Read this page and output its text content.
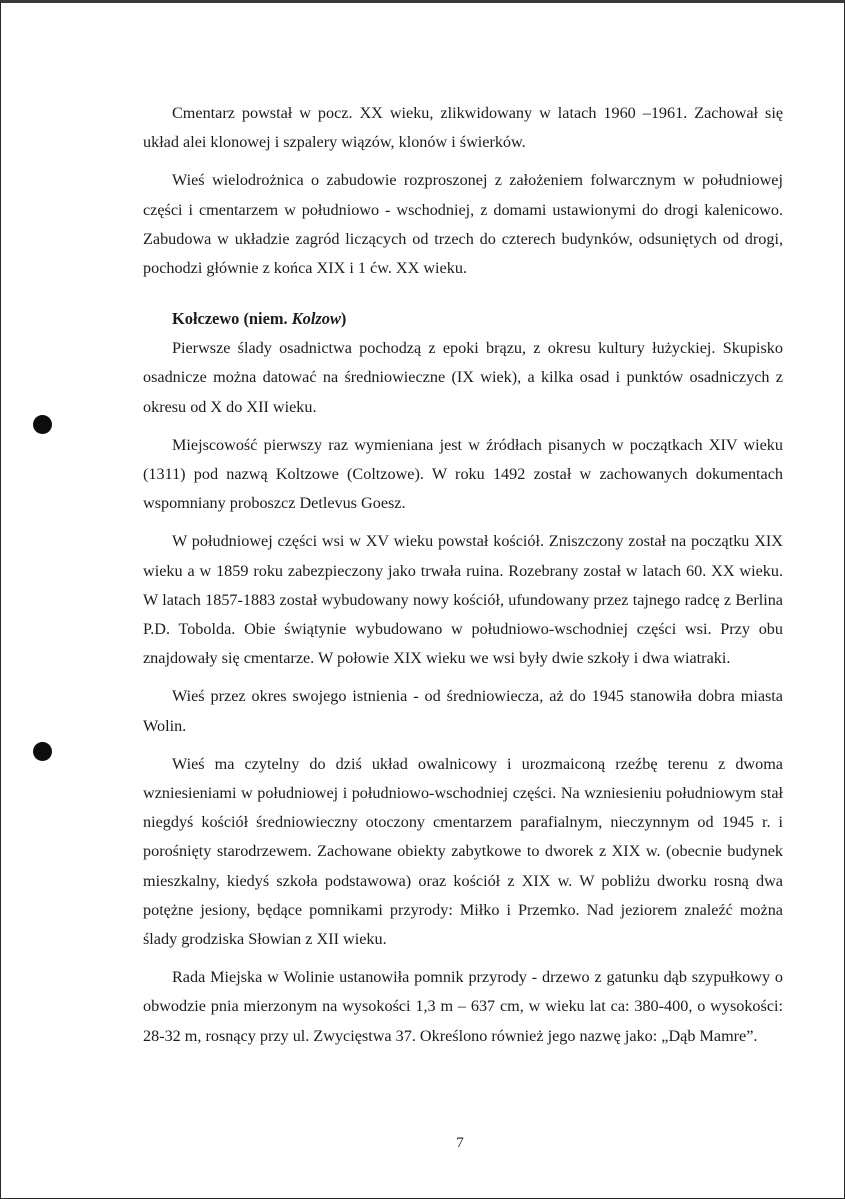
Cmentarz powstał w pocz. XX wieku, zlikwidowany w latach 1960 –1961. Zachował się układ alei klonowej i szpalery wiązów, klonów i świerków.

Wieś wielodrożnica o zabudowie rozproszonej z założeniem folwarcznym w południowej części i cmentarzem w południowo - wschodniej, z domami ustawionymi do drogi kalenicowo. Zabudowa w układzie zagród liczących od trzech do czterech budynków, odsuniętych od drogi, pochodzi głównie z końca XIX i 1 ćw. XX wieku.

Kołczewo (niem. Kolzow)

Pierwsze ślady osadnictwa pochodzą z epoki brązu, z okresu kultury łużyckiej. Skupisko osadnicze można datować na średniowieczne (IX wiek), a kilka osad i punktów osadniczych z okresu od X do XII wieku.

Miejscowość pierwszy raz wymieniana jest w źródłach pisanych w początkach XIV wieku (1311) pod nazwą Koltzowe (Coltzowe). W roku 1492 został w zachowanych dokumentach wspomniany proboszcz Detlevus Goesz.

W południowej części wsi w XV wieku powstał kościół. Zniszczony został na początku XIX wieku a w 1859 roku zabezpieczony jako trwała ruina. Rozebrany został w latach 60. XX wieku. W latach 1857-1883 został wybudowany nowy kościół, ufundowany przez tajnego radcę z Berlina P.D. Tobolda. Obie świątynie wybudowano w południowo-wschodniej części wsi. Przy obu znajdowały się cmentarze. W połowie XIX wieku we wsi były dwie szkoły i dwa wiatraki.

Wieś przez okres swojego istnienia - od średniowiecza, aż do 1945 stanowiła dobra miasta Wolin.

Wieś ma czytelny do dziś układ owalnicowy i urozmaiconą rzeźbę terenu z dwoma wzniesieniami w południowej i południowo-wschodniej części. Na wzniesieniu południowym stał niegdyś kościół średniowieczny otoczony cmentarzem parafialnym, nieczynnym od 1945 r. i porośnięty starodrzewem. Zachowane obiekty zabytkowe to dworek z XIX w. (obecnie budynek mieszkalny, kiedyś szkoła podstawowa) oraz kościół z XIX w. W pobliżu dworku rosną dwa potężne jesiony, będące pomnikami przyrody: Miłko i Przemko. Nad jeziorem znaleźć można ślady grodziska Słowian z XII wieku.

Rada Miejska w Wolinie ustanowiła pomnik przyrody - drzewo z gatunku dąb szypułkowy o obwodzie pnia mierzonym na wysokości 1,3 m – 637 cm, w wieku lat ca: 380-400, o wysokości: 28-32 m, rosnący przy ul. Zwycięstwa 37. Określono również jego nazwę jako: „Dąb Mamre”.

7
